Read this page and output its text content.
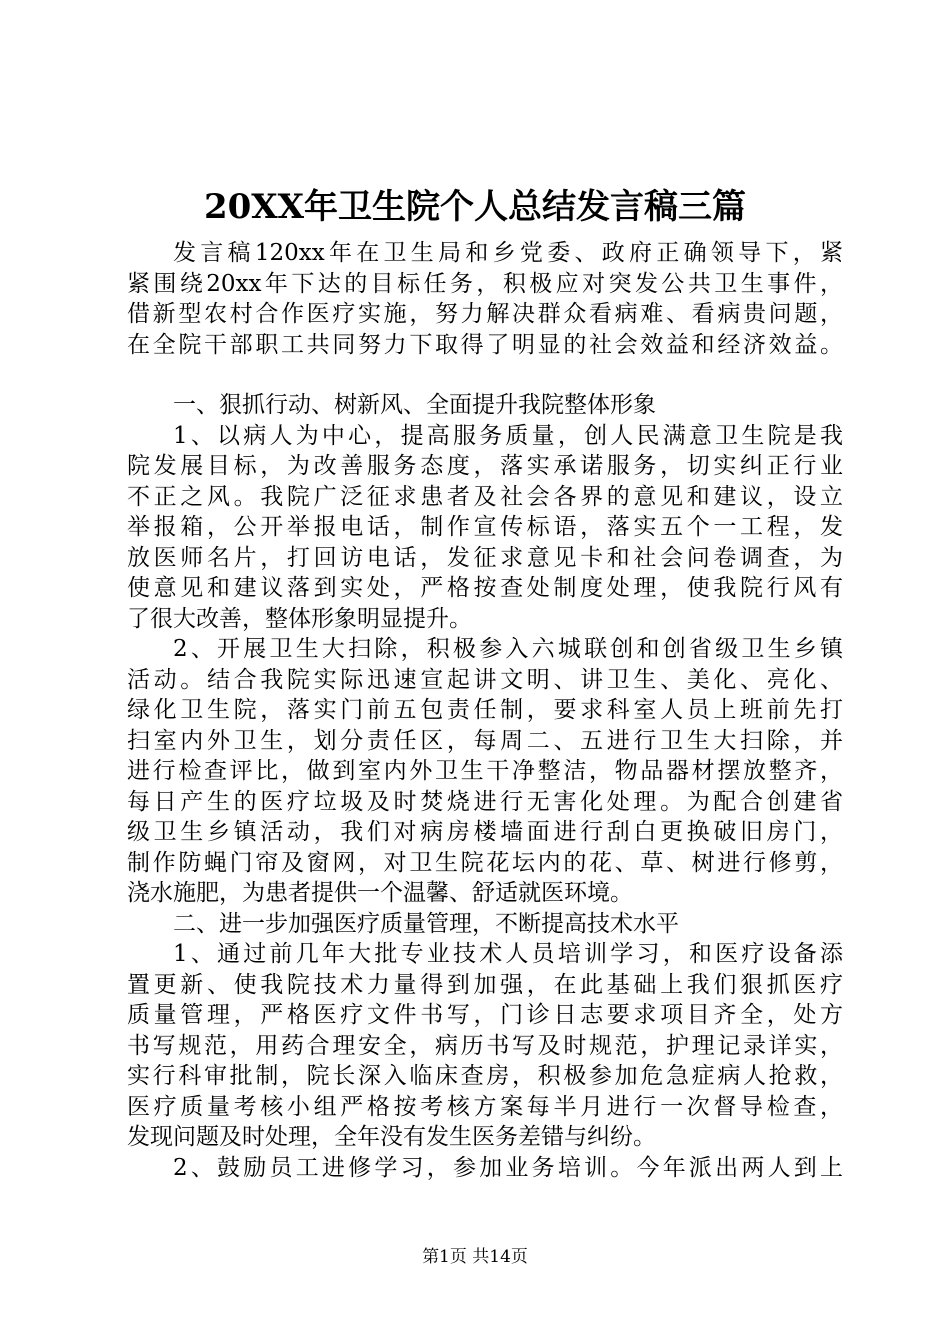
20XX年卫生院个人总结发言稿三篇
发言稿120xx年在卫生局和乡党委、政府正确领导下，紧
紧围绕20xx年下达的目标任务，积极应对突发公共卫生事件，
借新型农村合作医疗实施，努力解决群众看病难、看病贵问题，
在全院干部职工共同努力下取得了明显的社会效益和经济效益。
一、狠抓行动、树新风、全面提升我院整体形象
1、以病人为中心，提高服务质量，创人民满意卫生院是我
院发展目标，为改善服务态度，落实承诺服务，切实纠正行业
不正之风。我院广泛征求患者及社会各界的意见和建议，设立
举报箱，公开举报电话，制作宣传标语，落实五个一工程，发
放医师名片，打回访电话，发征求意见卡和社会问卷调查，为
使意见和建议落到实处，严格按查处制度处理，使我院行风有
了很大改善，整体形象明显提升。
2、开展卫生大扫除，积极参入六城联创和创省级卫生乡镇
活动。结合我院实际迅速宣起讲文明、讲卫生、美化、亮化、
绿化卫生院，落实门前五包责任制，要求科室人员上班前先打
扫室内外卫生，划分责任区，每周二、五进行卫生大扫除，并
进行检查评比，做到室内外卫生干净整洁，物品器材摆放整齐，
每日产生的医疗垃圾及时焚烧进行无害化处理。为配合创建省
级卫生乡镇活动，我们对病房楼墙面进行刮白更换破旧房门，
制作防蝇门帘及窗网，对卫生院花坛内的花、草、树进行修剪，
浇水施肥，为患者提供一个温馨、舒适就医环境。
二、进一步加强医疗质量管理，不断提高技术水平
1、通过前几年大批专业技术人员培训学习，和医疗设备添
置更新、使我院技术力量得到加强，在此基础上我们狠抓医疗
质量管理，严格医疗文件书写，门诊日志要求项目齐全，处方
书写规范，用药合理安全，病历书写及时规范，护理记录详实，
实行科审批制，院长深入临床查房，积极参加危急症病人抢救，
医疗质量考核小组严格按考核方案每半月进行一次督导检查，
发现问题及时处理，全年没有发生医务差错与纠纷。
2、鼓励员工进修学习，参加业务培训。今年派出两人到上
第1页 共14页
